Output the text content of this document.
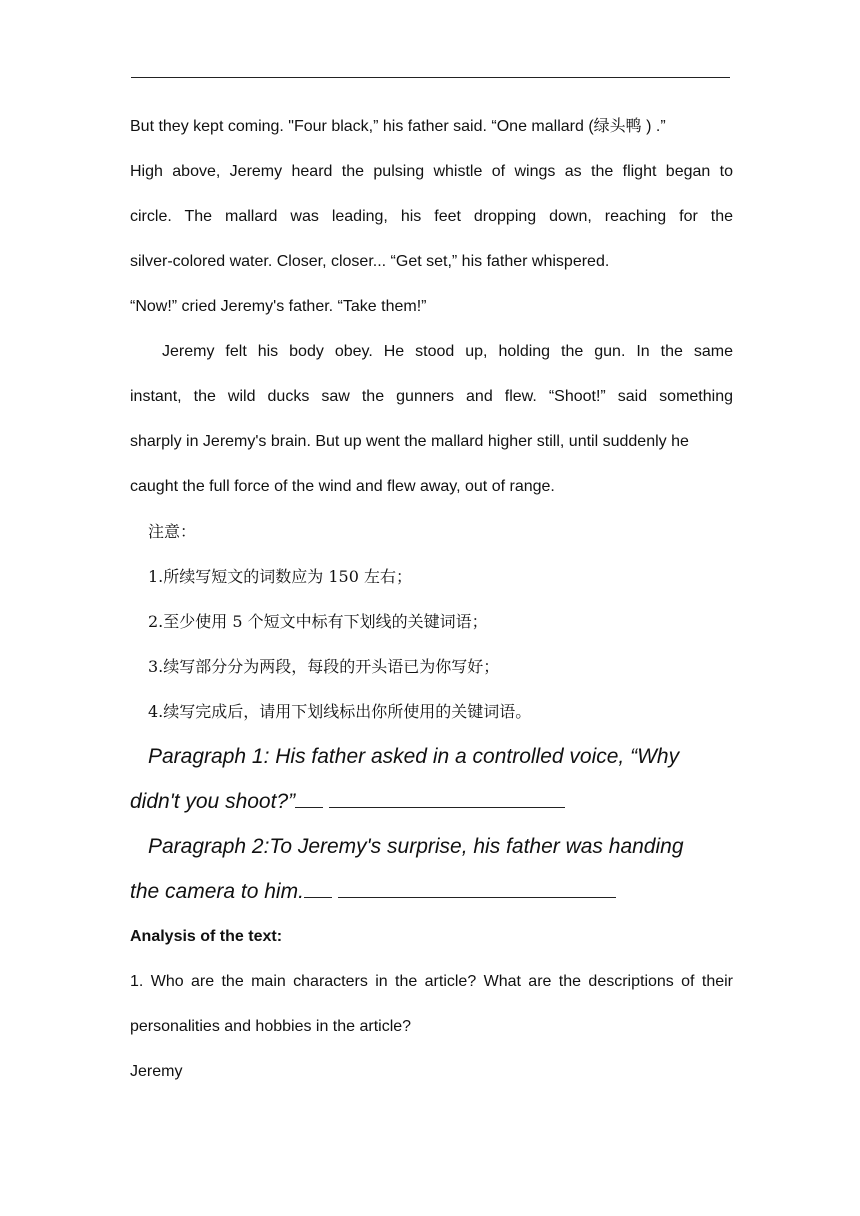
But they kept coming. "Four black,” his father said. “One mallard (绿头鸭 ) .”
High above, Jeremy heard the pulsing whistle of wings as the flight began to
circle. The mallard was leading, his feet dropping down, reaching for the
silver-colored water. Closer, closer... “Get set,” his father whispered.
“Now!” cried Jeremy's father. “Take them!”
Jeremy felt his body obey. He stood up, holding the gun. In the same
instant, the wild ducks saw the gunners and flew. “Shoot!” said something
sharply in Jeremy's brain. But up went the mallard higher still, until suddenly he
caught the full force of the wind and flew away, out of range.
注意：
1.所续写短文的词数应为 150 左右；
2.至少使用 5 个短文中标有下划线的关键词语；
3.续写部分分为两段，每段的开头语已为你写好；
4.续写完成后，请用下划线标出你所使用的关键词语。
Paragraph 1: His father asked in a controlled voice, “Why
didn't you shoot?”
Paragraph 2:To Jeremy's surprise, his father was handing
the camera to him.
Analysis of the text:
1. Who are the main characters in the article? What are the descriptions of their
personalities and hobbies in the article?
Jeremy
